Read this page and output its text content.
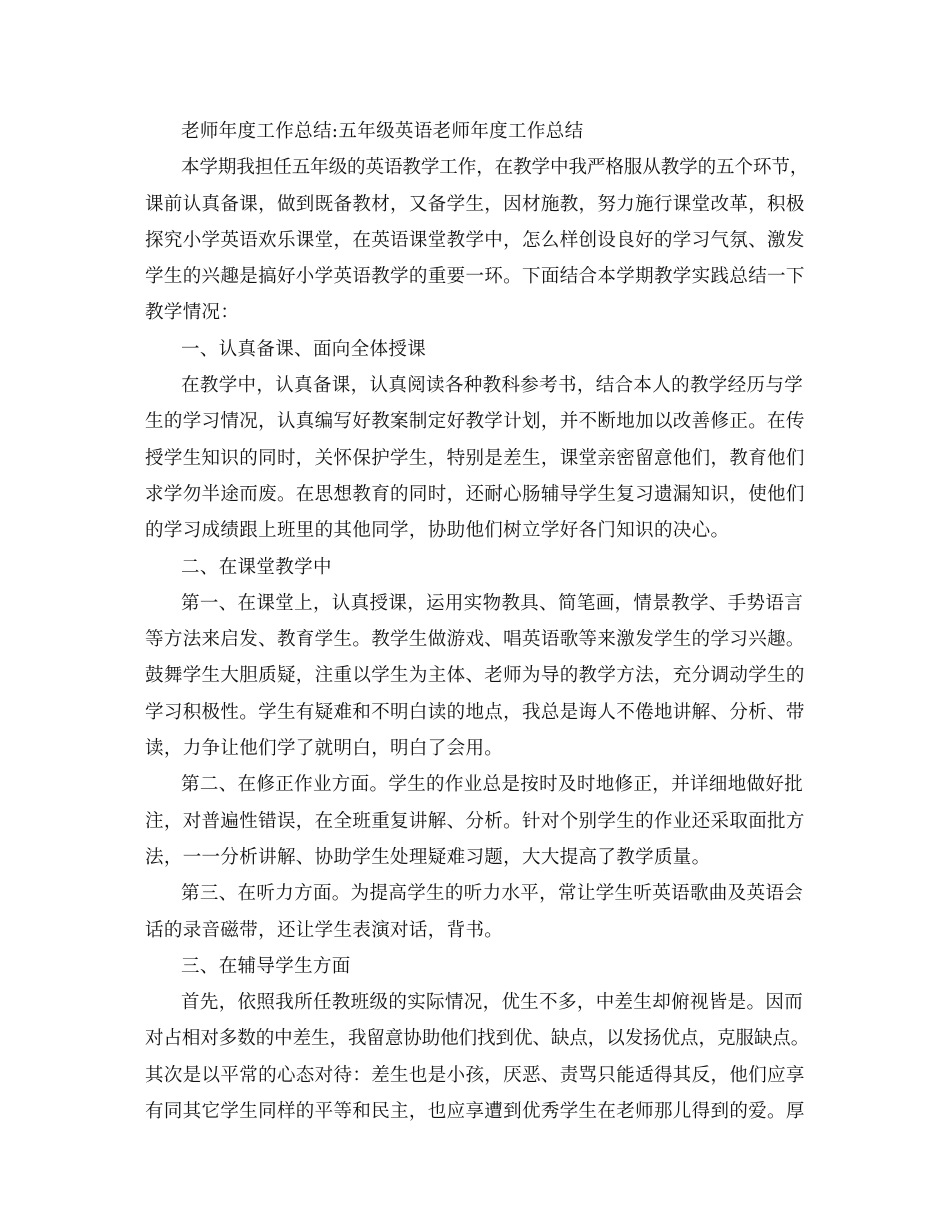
老师年度工作总结:五年级英语老师年度工作总结
本学期我担任五年级的英语教学工作，在教学中我严格服从教学的五个环节，
课前认真备课，做到既备教材，又备学生，因材施教，努力施行课堂改革，积极
探究小学英语欢乐课堂，在英语课堂教学中，怎么样创设良好的学习气氛、激发
学生的兴趣是搞好小学英语教学的重要一环。下面结合本学期教学实践总结一下
教学情况：
一、认真备课、面向全体授课
在教学中，认真备课，认真阅读各种教科参考书，结合本人的教学经历与学
生的学习情况，认真编写好教案制定好教学计划，并不断地加以改善修正。在传
授学生知识的同时，关怀保护学生，特别是差生，课堂亲密留意他们，教育他们
求学勿半途而废。在思想教育的同时，还耐心肠辅导学生复习遗漏知识，使他们
的学习成绩跟上班里的其他同学，协助他们树立学好各门知识的决心。
二、在课堂教学中
第一、在课堂上，认真授课，运用实物教具、简笔画，情景教学、手势语言
等方法来启发、教育学生。教学生做游戏、唱英语歌等来激发学生的学习兴趣。
鼓舞学生大胆质疑，注重以学生为主体、老师为导的教学方法，充分调动学生的
学习积极性。学生有疑难和不明白读的地点，我总是诲人不倦地讲解、分析、带
读，力争让他们学了就明白，明白了会用。
第二、在修正作业方面。学生的作业总是按时及时地修正，并详细地做好批
注，对普遍性错误，在全班重复讲解、分析。针对个别学生的作业还采取面批方
法，一一分析讲解、协助学生处理疑难习题，大大提高了教学质量。
第三、在听力方面。为提高学生的听力水平，常让学生听英语歌曲及英语会
话的录音磁带，还让学生表演对话，背书。
三、在辅导学生方面
首先，依照我所任教班级的实际情况，优生不多，中差生却俯视皆是。因而
对占相对多数的中差生，我留意协助他们找到优、缺点，以发扬优点，克服缺点。
其次是以平常的心态对待：差生也是小孩，厌恶、责骂只能适得其反，他们应享
有同其它学生同样的平等和民主，也应享遭到优秀学生在老师那儿得到的爱。厚
